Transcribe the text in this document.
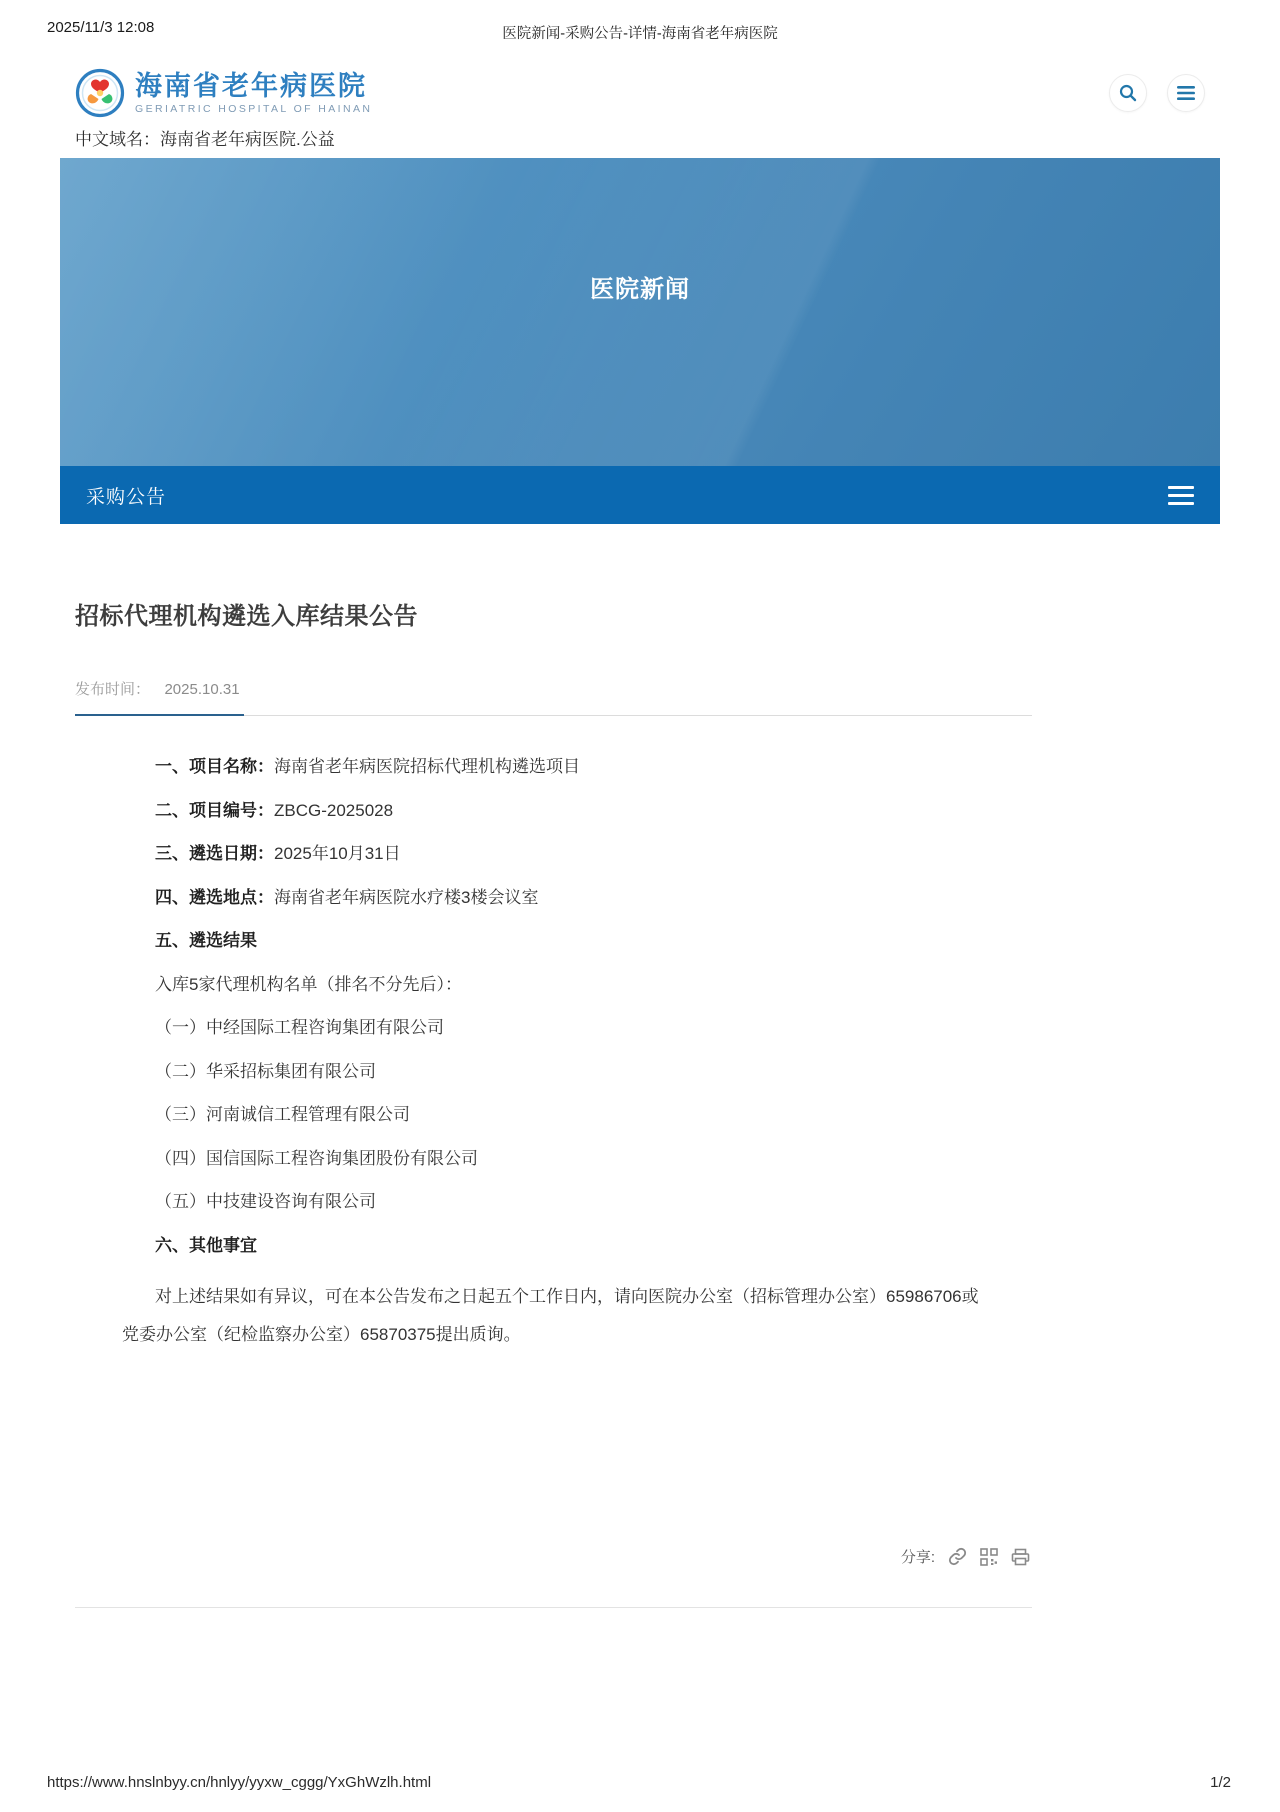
2025/11/3 12:08	医院新闻-采购公告-详情-海南省老年病医院
海南省老年病医院
GERIATRIC HOSPITAL OF HAINAN
中文域名：海南省老年病医院.公益
医院新闻
采购公告
招标代理机构遴选入库结果公告
发布时间： 2025.10.31
一、项目名称：海南省老年病医院招标代理机构遴选项目
二、项目编号：ZBCG-2025028
三、遴选日期：2025年10月31日
四、遴选地点：海南省老年病医院水疗楼3楼会议室
五、遴选结果
入库5家代理机构名单（排名不分先后）：
（一）中经国际工程咨询集团有限公司
（二）华采招标集团有限公司
（三）河南诚信工程管理有限公司
（四）国信国际工程咨询集团股份有限公司
（五）中技建设咨询有限公司
六、其他事宜

对上述结果如有异议，可在本公告发布之日起五个工作日内，请向医院办公室（招标管理办公室）65986706或党委办公室（纪检监察办公室）65870375提出质询。

分享:
https://www.hnslnbyy.cn/hnlyy/yyxw_cggg/YxGhWzlh.html	1/2
